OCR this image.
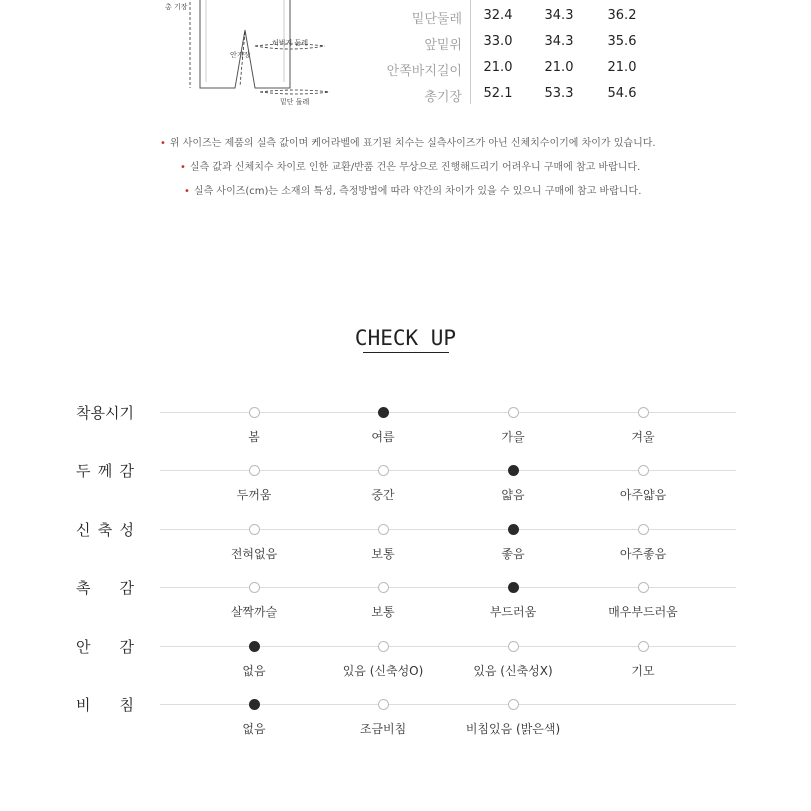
총 기장
안기장
허벅지 둘레
밑단 둘레
밑단둘레	32.4	34.3	36.2
앞밑위	33.0	34.3	35.6
안쪽바지길이	21.0	21.0	21.0
총기장	52.1	53.3	54.6
• 위 사이즈는 제품의 실측 값이며 케어라벨에 표기된 치수는 실측사이즈가 아닌 신체치수이기에 차이가 있습니다.
• 실측 값과 신체치수 차이로 인한 교환/반품 건은 무상으로 진행해드리기 어려우니 구매에 참고 바랍니다.
• 실측 사이즈(cm)는 소재의 특성, 측정방법에 따라 약간의 차이가 있을 수 있으니 구매에 참고 바랍니다.
CHECK UP
착 용 시 기
봄	여름	가을	겨울
두 께 감
두꺼움	중간	얇음	아주얇음
신 축 성
전혀없음	보통	좋음	아주좋음
촉 감
살짝까슬	보통	부드러움	매우부드러움
안 감
없음	있음 (신축성O)	있음 (신축성X)	기모
비 침
없음	조금비침	비침있음 (밝은색)
